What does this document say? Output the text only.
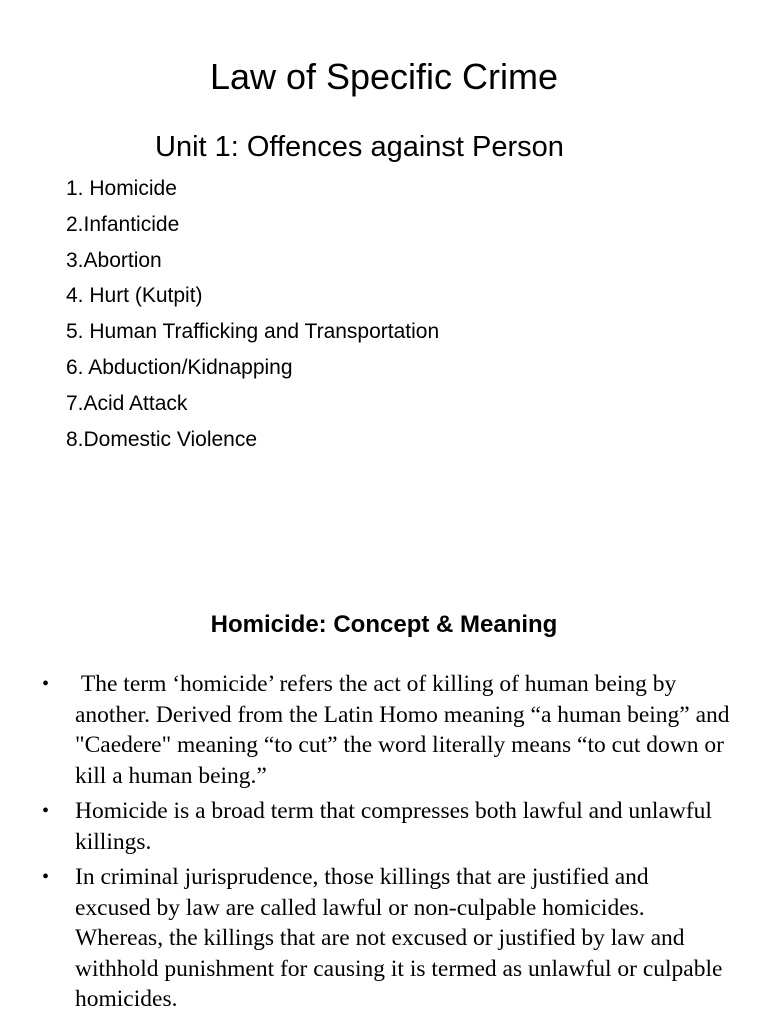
Law of Specific Crime
Unit 1: Offences against Person
1. Homicide
2.Infanticide
3.Abortion
4. Hurt (Kutpit)
5. Human Trafficking and Transportation
6. Abduction/Kidnapping
7.Acid Attack
8.Domestic Violence
Homicide: Concept & Meaning
• The term ‘homicide’ refers the act of killing of human being by another. Derived from the Latin Homo meaning “a human being” and "Caedere" meaning “to cut” the word literally means “to cut down or kill a human being.”
• Homicide is a broad term that compresses both lawful and unlawful killings.
• In criminal jurisprudence, those killings that are justified and excused by law are called lawful or non-culpable homicides. Whereas, the killings that are not excused or justified by law and withhold punishment for causing it is termed as unlawful or culpable homicides.
